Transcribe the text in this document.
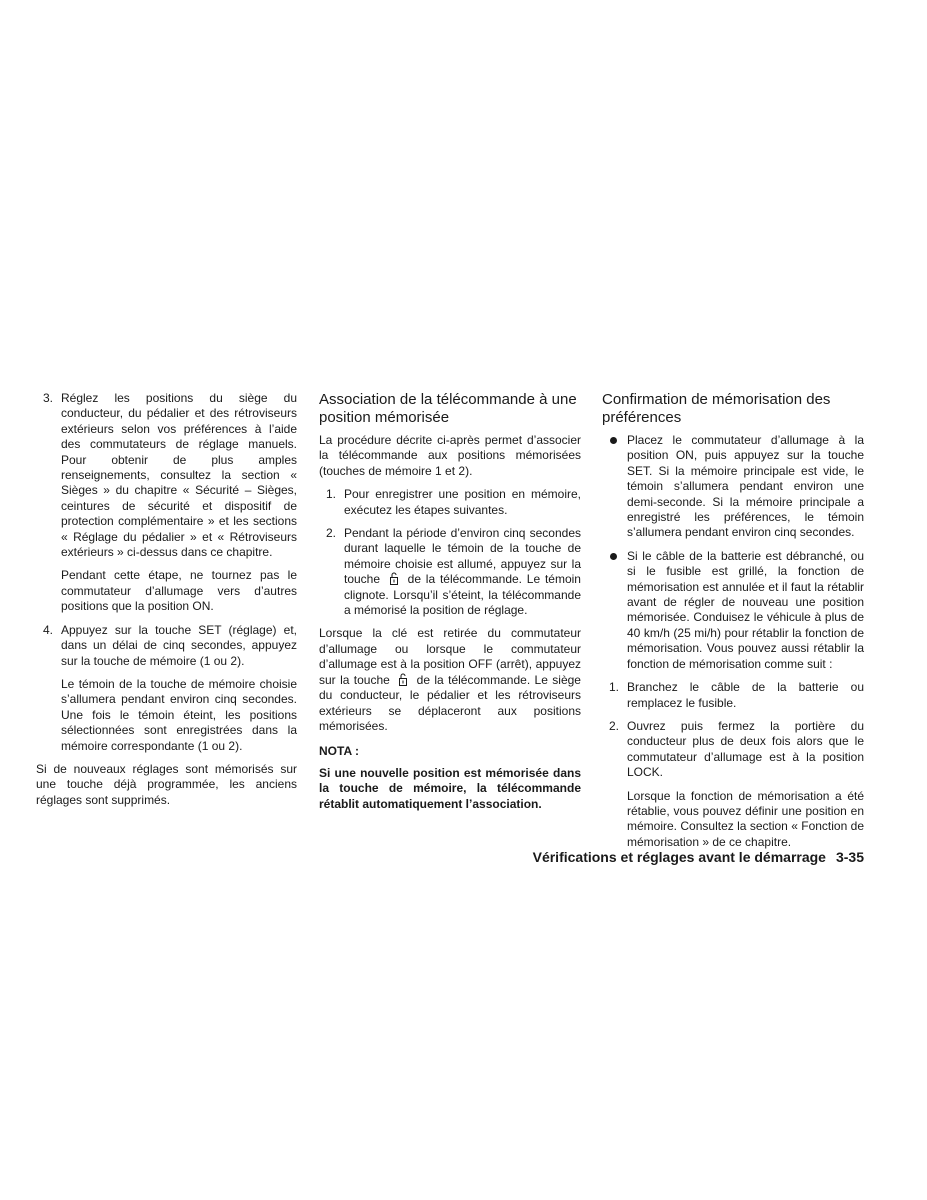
3. Réglez les positions du siège du conducteur, du pédalier et des rétroviseurs extérieurs selon vos préférences à l’aide des commutateurs de réglage manuels. Pour obtenir de plus amples renseignements, consultez la section « Sièges » du chapitre « Sécurité – Sièges, ceintures de sécurité et dispositif de protection complémentaire » et les sections « Réglage du pédalier » et « Rétroviseurs extérieurs » ci-dessus dans ce chapitre.

Pendant cette étape, ne tournez pas le commutateur d’allumage vers d’autres positions que la position ON.

4. Appuyez sur la touche SET (réglage) et, dans un délai de cinq secondes, appuyez sur la touche de mémoire (1 ou 2).

Le témoin de la touche de mémoire choisie s’allumera pendant environ cinq secondes. Une fois le témoin éteint, les positions sélectionnées sont enregistrées dans la mémoire correspondante (1 ou 2).

Si de nouveaux réglages sont mémorisés sur une touche déjà programmée, les anciens réglages sont supprimés.

Association de la télécommande à une position mémorisée

La procédure décrite ci-après permet d’associer la télécommande aux positions mémorisées (touches de mémoire 1 et 2).

1. Pour enregistrer une position en mémoire, exécutez les étapes suivantes.
2. Pendant la période d’environ cinq secondes durant laquelle le témoin de la touche de mémoire choisie est allumé, appuyez sur la touche de la télécommande. Le témoin clignote. Lorsqu’il s’éteint, la télécommande a mémorisé la position de réglage.

Lorsque la clé est retirée du commutateur d’allumage ou lorsque le commutateur d’allumage est à la position OFF (arrêt), appuyez sur la touche de la télécommande. Le siège du conducteur, le pédalier et les rétroviseurs extérieurs se déplaceront aux positions mémorisées.

NOTA :

Si une nouvelle position est mémorisée dans la touche de mémoire, la télécommande rétablit automatiquement l’association.

Confirmation de mémorisation des préférences
Placez le commutateur d’allumage à la position ON, puis appuyez sur la touche SET. Si la mémoire principale est vide, le témoin s’allumera pendant environ une demi-seconde. Si la mémoire principale a enregistré les préférences, le témoin s’allumera pendant environ cinq secondes.
Si le câble de la batterie est débranché, ou si le fusible est grillé, la fonction de mémorisation est annulée et il faut la rétablir avant de régler de nouveau une position mémorisée. Conduisez le véhicule à plus de 40 km/h (25 mi/h) pour rétablir la fonction de mémorisation. Vous pouvez aussi rétablir la fonction de mémorisation comme suit :
1. Branchez le câble de la batterie ou remplacez le fusible.
2. Ouvrez puis fermez la portière du conducteur plus de deux fois alors que le commutateur d’allumage est à la position LOCK.

Lorsque la fonction de mémorisation a été rétablie, vous pouvez définir une position en mémoire. Consultez la section « Fonction de mémorisation » de ce chapitre.

Vérifications et réglages avant le démarrage 3-35
